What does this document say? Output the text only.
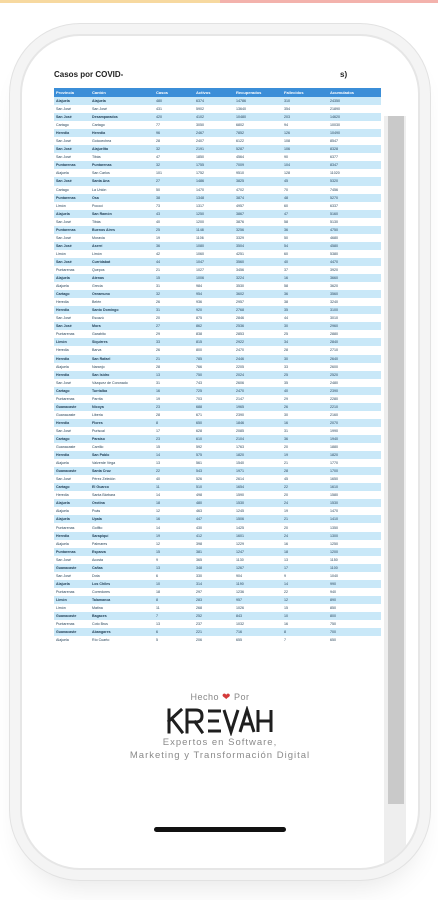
Casos por COVID-	s)
Provincia	Cantón	Casos	Activos	Recuperados	Fallecidos	Acumulados
Alajuela	Alajuela	480	6374	14786	310	24350
San José	San José	431	5902	13640	354	21890
San José	Desamparados	420	4102	10480	203	14620
Cartago	Cartago	77	3050	6802	94	10030
Heredia	Heredia	96	2467	7852	126	10490
San José	Goicoechea	28	2407	6122	108	8547
San José	Alajuelita	32	2191	5287	106	8328
San José	Tibás	47	1850	4564	90	6377
Puntarenas	Puntarenas	32	1755	7009	104	8347
Alajuela	San Carlos	101	1752	9510	128	11020
San José	Santa Ana	27	1486	3825	45	5320
Cartago	La Unión	50	1470	4702	70	7456
Puntarenas	Osa	38	1348	3874	48	5270
Limón	Pococí	73	1317	4957	60	6337
Alajuela	San Ramón	43	1250	3867	47	5160
San José	Tibás	40	1200	3876	58	5130
Puntarenas	Buenos Aires	25	1148	3256	36	4750
San José	Moravia	19	1106	3329	50	4680
San José	Aserrí	36	1080	3504	54	4580
Limón	Limón	42	1060	4251	60	5380
San José	Curridabat	44	1047	3560	40	4470
Puntarenas	Quepos	21	1027	3456	37	3920
Alajuela	Atenas	15	1006	3224	16	3660
Alajuela	Grecia	31	984	3530	58	3620
Cartago	Oreamuno	32	954	3602	36	3560
Heredia	Belén	26	936	2957	38	3240
Heredia	Santo Domingo	31	920	2768	35	3100
San José	Escazú	20	875	2846	44	3010
San José	Mora	27	862	2536	30	2960
Puntarenas	Garabito	29	838	2853	25	2880
Limón	Siquirres	33	815	2922	34	2840
Heredia	Barva	26	800	2470	28	2710
Heredia	San Rafael	21	785	2446	30	2640
Alajuela	Naranjo	28	766	2205	33	2600
Heredia	San Isidro	13	750	2024	25	2520
San José	Vázquez de Coronado	31	743	2606	35	2480
Cartago	Turrialba	16	725	2470	40	2390
Puntarenas	Parrita	19	703	2147	29	2280
Guanacaste	Nicoya	23	688	1965	26	2210
Guanacaste	Liberia	28	671	2390	30	2160
Heredia	Flores	8	650	1846	16	2070
San José	Puriscal	17	628	2085	31	1990
Cartago	Paraíso	23	610	2104	36	1940
Guanacaste	Carrillo	15	592	1763	20	1880
Heredia	San Pablo	14	575	1820	19	1820
Alajuela	Valverde Vega	13	561	1540	21	1770
Guanacaste	Santa Cruz	22	543	1971	28	1700
San José	Pérez Zeledón	40	526	2614	45	1650
Cartago	El Guarco	11	510	1654	22	1610
Heredia	Santa Bárbara	14	498	1590	20	1580
Alajuela	Orotina	18	480	1530	24	1530
Alajuela	Poás	12	463	1245	19	1470
Alajuela	Upala	16	447	1506	21	1410
Puntarenas	Golfito	14	430	1425	20	1350
Heredia	Sarapiquí	19	412	1601	24	1300
Alajuela	Palmares	12	398	1229	16	1250
Puntarenas	Esparza	15	381	1247	18	1200
San José	Acosta	9	365	1130	13	1150
Guanacaste	Cañas	13	348	1267	17	1100
San José	Dota	6	330	904	9	1040
Alajuela	Los Chiles	10	314	1190	14	990
Puntarenas	Corredores	18	297	1236	22	940
Limón	Talamanca	8	283	957	12	890
Limón	Matina	11	268	1026	15	850
Guanacaste	Bagaces	7	252	843	10	800
Puntarenas	Coto Brus	13	237	1032	16	750
Guanacaste	Abangares	6	221	716	8	700
Alajuela	Río Cuarto	5	206	655	7	650
Hecho ❤ Por
Expertos en Software,
Marketing y Transformación Digital
